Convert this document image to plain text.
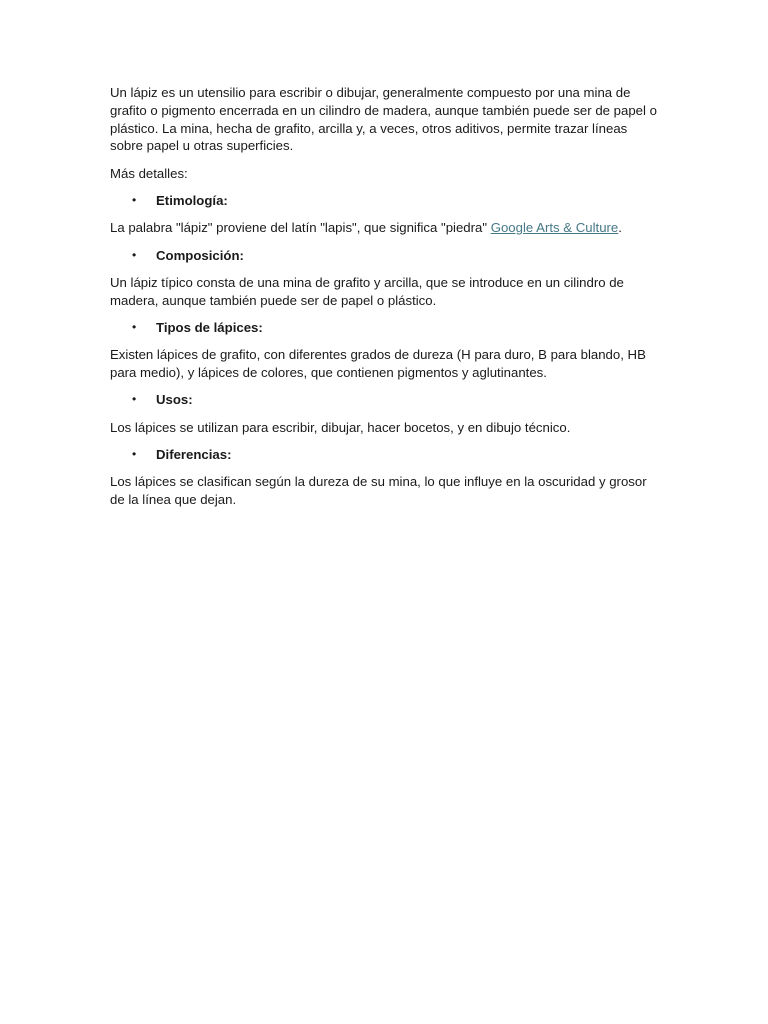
Un lápiz es un utensilio para escribir o dibujar, generalmente compuesto por una mina de grafito o pigmento encerrada en un cilindro de madera, aunque también puede ser de papel o plástico. La mina, hecha de grafito, arcilla y, a veces, otros aditivos, permite trazar líneas sobre papel u otras superficies.

Más detalles:

•	Etimología:

La palabra "lápiz" proviene del latín "lapis", que significa "piedra" Google Arts & Culture.

•	Composición:

Un lápiz típico consta de una mina de grafito y arcilla, que se introduce en un cilindro de madera, aunque también puede ser de papel o plástico.

•	Tipos de lápices:

Existen lápices de grafito, con diferentes grados de dureza (H para duro, B para blando, HB para medio), y lápices de colores, que contienen pigmentos y aglutinantes.

•	Usos:

Los lápices se utilizan para escribir, dibujar, hacer bocetos, y en dibujo técnico.

•	Diferencias:

Los lápices se clasifican según la dureza de su mina, lo que influye en la oscuridad y grosor de la línea que dejan.
